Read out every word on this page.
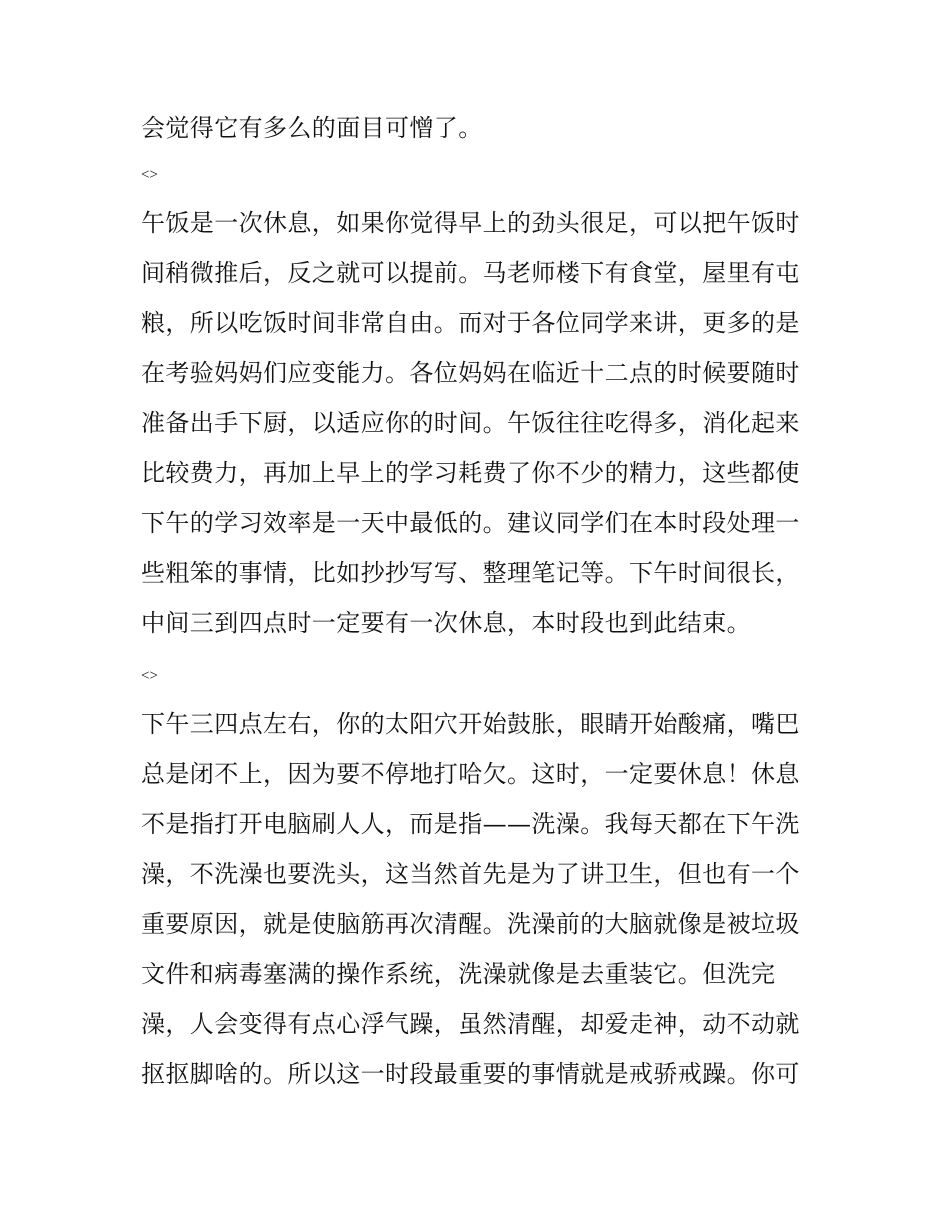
会觉得它有多么的面目可憎了。
<>
午饭是一次休息，如果你觉得早上的劲头很足，可以把午饭时
间稍微推后，反之就可以提前。马老师楼下有食堂，屋里有屯
粮，所以吃饭时间非常自由。而对于各位同学来讲，更多的是
在考验妈妈们应变能力。各位妈妈在临近十二点的时候要随时
准备出手下厨，以适应你的时间。午饭往往吃得多，消化起来
比较费力，再加上早上的学习耗费了你不少的精力，这些都使
下午的学习效率是一天中最低的。建议同学们在本时段处理一
些粗笨的事情，比如抄抄写写、整理笔记等。下午时间很长，
中间三到四点时一定要有一次休息，本时段也到此结束。
<>
下午三四点左右，你的太阳穴开始鼓胀，眼睛开始酸痛，嘴巴
总是闭不上，因为要不停地打哈欠。这时，一定要休息！休息
不是指打开电脑刷人人，而是指——洗澡。我每天都在下午洗
澡，不洗澡也要洗头，这当然首先是为了讲卫生，但也有一个
重要原因，就是使脑筋再次清醒。洗澡前的大脑就像是被垃圾
文件和病毒塞满的操作系统，洗澡就像是去重装它。但洗完
澡，人会变得有点心浮气躁，虽然清醒，却爱走神，动不动就
抠抠脚啥的。所以这一时段最重要的事情就是戒骄戒躁。你可
